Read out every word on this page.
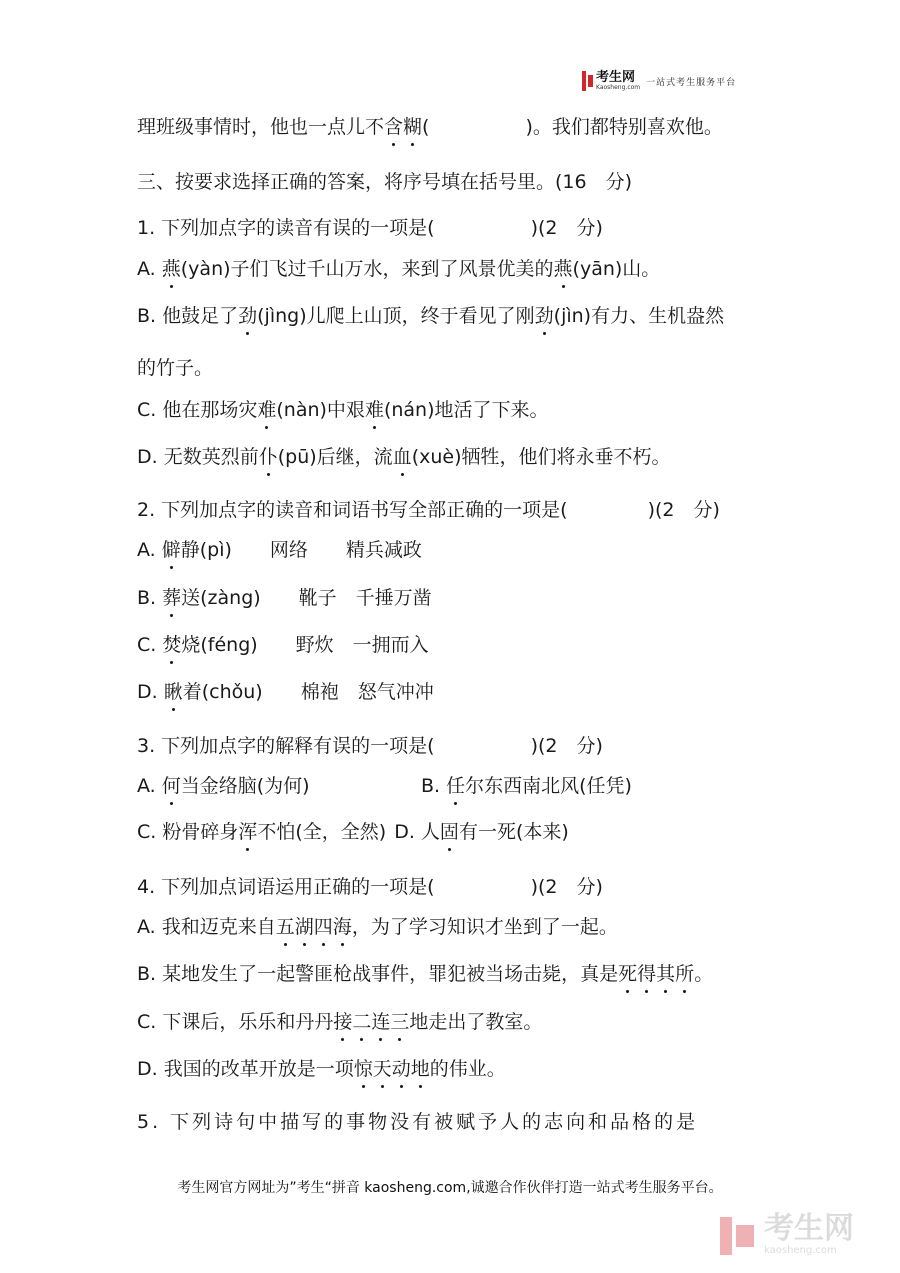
考生网
Kaosheng.com 一站式考生服务平台
理班级事情时，他也一点儿不含糊(	)。我们都特别喜欢他。
三、按要求选择正确的答案，将序号填在括号里。(16　分)
1. 下列加点字的读音有误的一项是(	)(2　分)
A. 燕(yàn)子们飞过千山万水，来到了风景优美的燕(yān)山。
B. 他鼓足了劲(jìng)儿爬上山顶，终于看见了刚劲(jìn)有力、生机盎然
的竹子。
C. 他在那场灾难(nàn)中艰难(nán)地活了下来。
D. 无数英烈前仆(pū)后继，流血(xuè)牺牲，他们将永垂不朽。
2. 下列加点字的读音和词语书写全部正确的一项是(	)(2　分)
A. 僻静(pì)　　网络　　精兵减政
B. 葬送(zàng)　　靴子　千捶万凿
C. 焚烧(féng)　　野炊　一拥而入
D. 瞅着(chǒu)　　棉袍　怒气冲冲
3. 下列加点字的解释有误的一项是(	)(2　分)
A. 何当金络脑(为何)	B. 任尔东西南北风(任凭)
C. 粉骨碎身浑不怕(全，全然) D. 人固有一死(本来)
4. 下列加点词语运用正确的一项是(	)(2　分)
A. 我和迈克来自五湖四海，为了学习知识才坐到了一起。
B. 某地发生了一起警匪枪战事件，罪犯被当场击毙，真是死得其所。
C. 下课后，乐乐和丹丹接二连三地走出了教室。
D. 我国的改革开放是一项惊天动地的伟业。
5. 下列诗句中描写的事物没有被赋予人的志向和品格的是
考生网官方网址为”考生“拼音 kaosheng.com,诚邀合作伙伴打造一站式考生服务平台。
考生网
kaosheng.com
